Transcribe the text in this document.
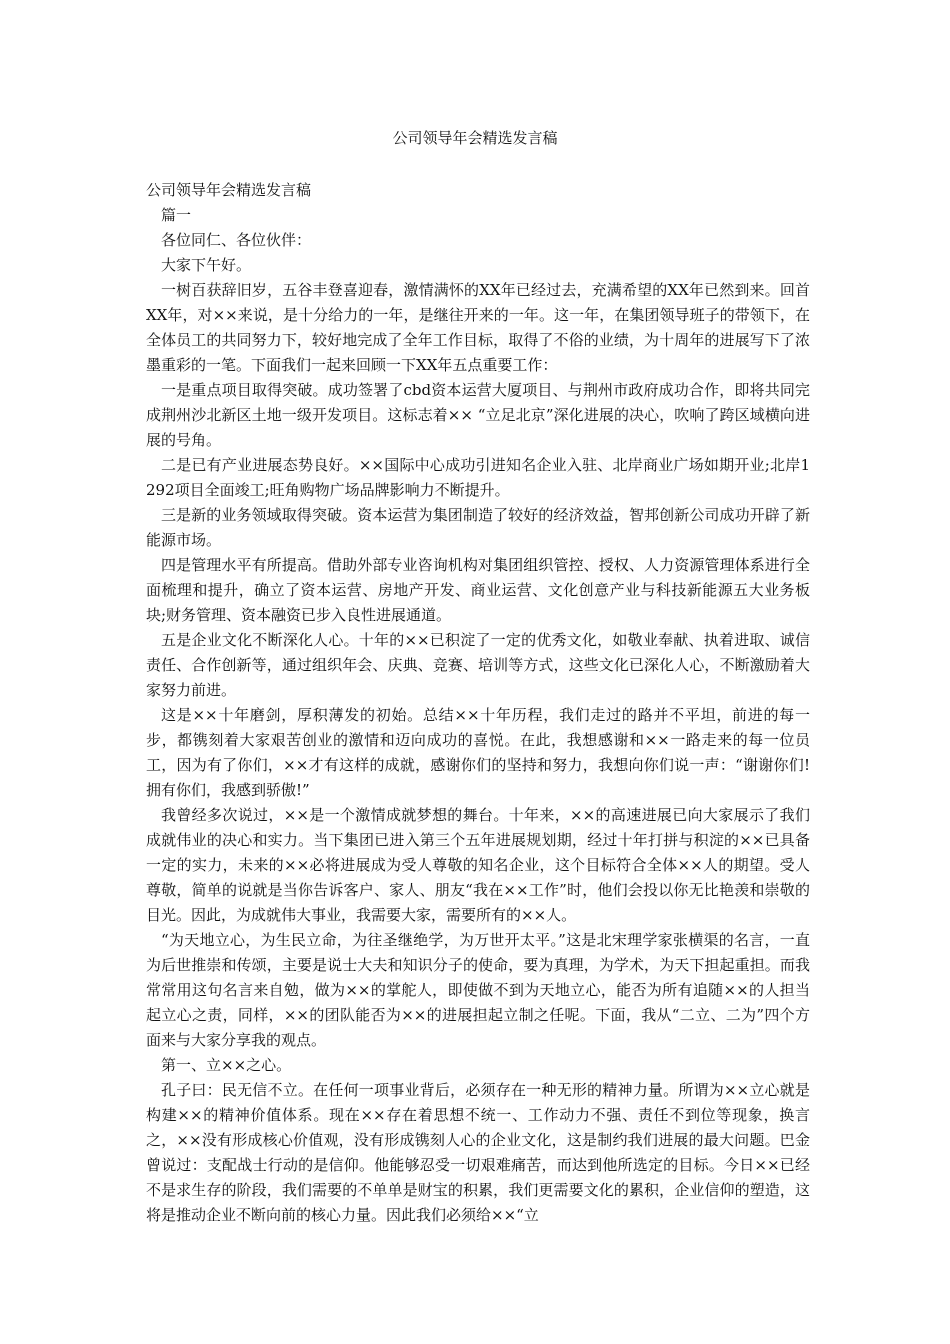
公司领导年会精选发言稿

公司领导年会精选发言稿

篇一

各位同仁、各位伙伴：

大家下午好。

一树百获辞旧岁，五谷丰登喜迎春，激情满怀的XX年已经过去，充满希望的XX年已然到来。回首XX年，对××来说，是十分给力的一年，是继往开来的一年。这一年，在集团领导班子的带领下，在全体员工的共同努力下，较好地完成了全年工作目标，取得了不俗的业绩，为十周年的进展写下了浓墨重彩的一笔。下面我们一起来回顾一下XX年五点重要工作：

一是重点项目取得突破。成功签署了cbd资本运营大厦项目、与荆州市政府成功合作，即将共同完成荆州沙北新区土地一级开发项目。这标志着×× “立足北京”深化进展的决心，吹响了跨区域横向进展的号角。

二是已有产业进展态势良好。××国际中心成功引进知名企业入驻、北岸商业广场如期开业;北岸1292项目全面竣工;旺角购物广场品牌影响力不断提升。

三是新的业务领域取得突破。资本运营为集团制造了较好的经济效益，智邦创新公司成功开辟了新能源市场。

四是管理水平有所提高。借助外部专业咨询机构对集团组织管控、授权、人力资源管理体系进行全面梳理和提升，确立了资本运营、房地产开发、商业运营、文化创意产业与科技新能源五大业务板块;财务管理、资本融资已步入良性进展通道。

五是企业文化不断深化人心。十年的××已积淀了一定的优秀文化，如敬业奉献、执着进取、诚信责任、合作创新等，通过组织年会、庆典、竞赛、培训等方式，这些文化已深化人心，不断激励着大家努力前进。

这是××十年磨剑，厚积薄发的初始。总结××十年历程，我们走过的路并不平坦，前进的每一步，都镌刻着大家艰苦创业的激情和迈向成功的喜悦。在此，我想感谢和××一路走来的每一位员工，因为有了你们，××才有这样的成就，感谢你们的坚持和努力，我想向你们说一声：“谢谢你们!拥有你们，我感到骄傲!”

我曾经多次说过，××是一个激情成就梦想的舞台。十年来，××的高速进展已向大家展示了我们成就伟业的决心和实力。当下集团已进入第三个五年进展规划期，经过十年打拼与积淀的××已具备一定的实力，未来的××必将进展成为受人尊敬的知名企业，这个目标符合全体××人的期望。受人尊敬，简单的说就是当你告诉客户、家人、朋友“我在××工作”时，他们会投以你无比艳羡和崇敬的目光。因此，为成就伟大事业，我需要大家，需要所有的××人。

“为天地立心，为生民立命，为往圣继绝学，为万世开太平。”这是北宋理学家张横渠的名言，一直为后世推崇和传颂，主要是说士大夫和知识分子的使命，要为真理，为学术，为天下担起重担。而我常常用这句名言来自勉，做为××的掌舵人，即使做不到为天地立心，能否为所有追随××的人担当起立心之责，同样，××的团队能否为××的进展担起立制之任呢。下面，我从“二立、二为”四个方面来与大家分享我的观点。

第一、立××之心。

孔子曰：民无信不立。在任何一项事业背后，必须存在一种无形的精神力量。所谓为××立心就是构建××的精神价值体系。现在××存在着思想不统一、工作动力不强、责任不到位等现象，换言之，××没有形成核心价值观，没有形成镌刻人心的企业文化，这是制约我们进展的最大问题。巴金曾说过：支配战士行动的是信仰。他能够忍受一切艰难痛苦，而达到他所选定的目标。今日××已经不是求生存的阶段，我们需要的不单单是财宝的积累，我们更需要文化的累积，企业信仰的塑造，这将是推动企业不断向前的核心力量。因此我们必须给××“立
